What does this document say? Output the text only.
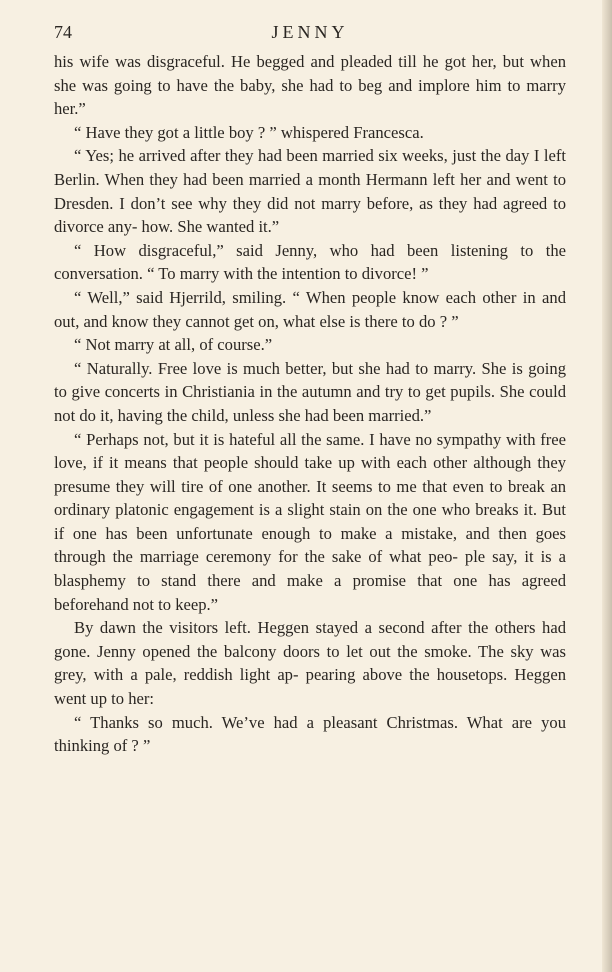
74	JENNY

his wife was disgraceful. He begged and pleaded till he got her, but when she was going to have the baby, she had to beg and implore him to marry her.”

“ Have they got a little boy ? ” whispered Francesca.

“ Yes; he arrived after they had been married six weeks, just the day I left Berlin. When they had been married a month Hermann left her and went to Dresden. I don’t see why they did not marry before, as they had agreed to divorce any- how. She wanted it.”

“ How disgraceful,” said Jenny, who had been listening to the conversation. “ To marry with the intention to divorce! ”

“ Well,” said Hjerrild, smiling. “ When people know each other in and out, and know they cannot get on, what else is there to do ? ”

“ Not marry at all, of course.”

“ Naturally. Free love is much better, but she had to marry. She is going to give concerts in Christiania in the autumn and try to get pupils. She could not do it, having the child, unless she had been married.”

“ Perhaps not, but it is hateful all the same. I have no sympathy with free love, if it means that people should take up with each other although they presume they will tire of one another. It seems to me that even to break an ordinary platonic engagement is a slight stain on the one who breaks it. But if one has been unfortunate enough to make a mistake, and then goes through the marriage ceremony for the sake of what peo- ple say, it is a blasphemy to stand there and make a promise that one has agreed beforehand not to keep.”

By dawn the visitors left. Heggen stayed a second after the others had gone. Jenny opened the balcony doors to let out the smoke. The sky was grey, with a pale, reddish light ap- pearing above the housetops. Heggen went up to her:

“ Thanks so much. We’ve had a pleasant Christmas. What are you thinking of ? ”
